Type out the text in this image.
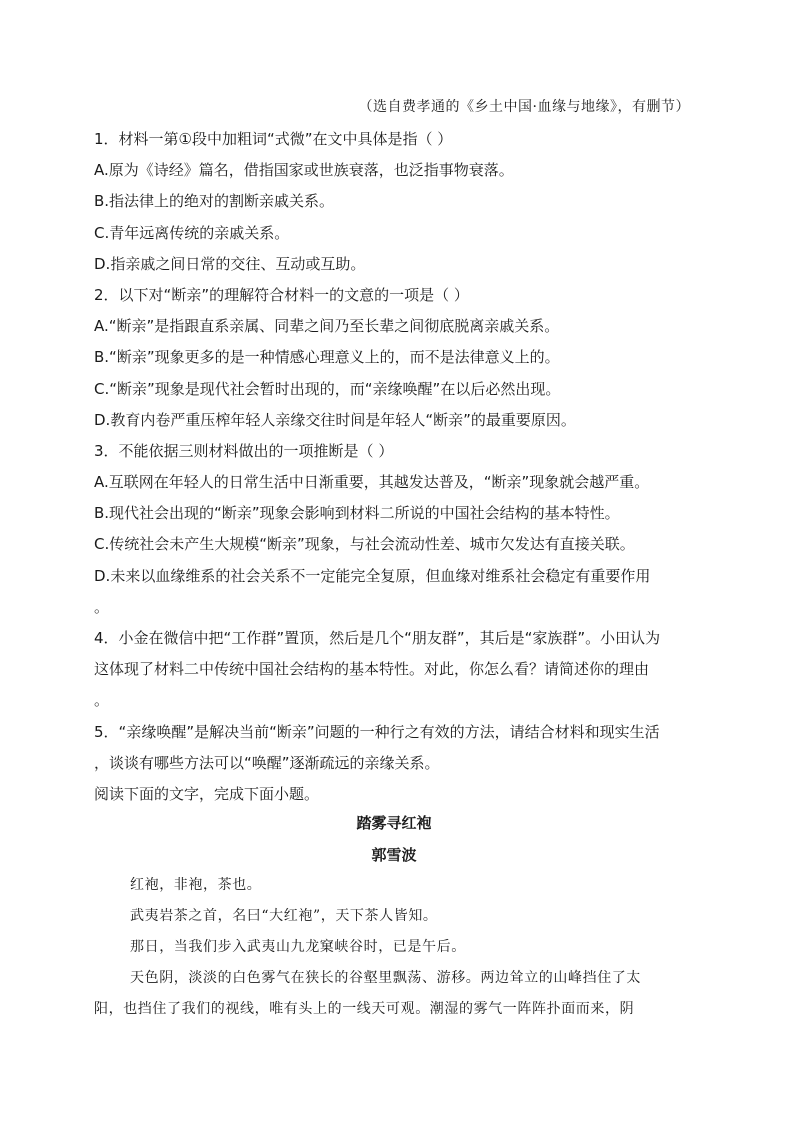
（选自费孝通的《乡土中国·血缘与地缘》，有删节）
1．材料一第①段中加粗词“式微”在文中具体是指（ ）
A.原为《诗经》篇名，借指国家或世族衰落，也泛指事物衰落。
B.指法律上的绝对的割断亲戚关系。
C.青年远离传统的亲戚关系。
D.指亲戚之间日常的交往、互动或互助。
2．以下对“断亲”的理解符合材料一的文意的一项是（ ）
A.“断亲”是指跟直系亲属、同辈之间乃至长辈之间彻底脱离亲戚关系。
B.“断亲”现象更多的是一种情感心理意义上的，而不是法律意义上的。
C.“断亲”现象是现代社会暂时出现的，而“亲缘唤醒”在以后必然出现。
D.教育内卷严重压榨年轻人亲缘交往时间是年轻人“断亲”的最重要原因。
3．不能依据三则材料做出的一项推断是（ ）
A.互联网在年轻人的日常生活中日渐重要，其越发达普及，“断亲”现象就会越严重。
B.现代社会出现的“断亲”现象会影响到材料二所说的中国社会结构的基本特性。
C.传统社会未产生大规模“断亲”现象，与社会流动性差、城市欠发达有直接关联。
D.未来以血缘维系的社会关系不一定能完全复原，但血缘对维系社会稳定有重要作用
。
4．小金在微信中把“工作群”置顶，然后是几个“朋友群”，其后是“家族群”。小田认为
这体现了材料二中传统中国社会结构的基本特性。对此，你怎么看？请简述你的理由
。
5．“亲缘唤醒”是解决当前“断亲”问题的一种行之有效的方法，请结合材料和现实生活
，谈谈有哪些方法可以“唤醒”逐渐疏远的亲缘关系。
阅读下面的文字，完成下面小题。
踏雾寻红袍
郭雪波
红袍，非袍，茶也。
武夷岩茶之首，名曰“大红袍”，天下茶人皆知。
那日，当我们步入武夷山九龙窠峡谷时，已是午后。
天色阴，淡淡的白色雾气在狭长的谷壑里飘荡、游移。两边耸立的山峰挡住了太
阳，也挡住了我们的视线，唯有头上的一线天可观。潮湿的雾气一阵阵扑面而来，阴
